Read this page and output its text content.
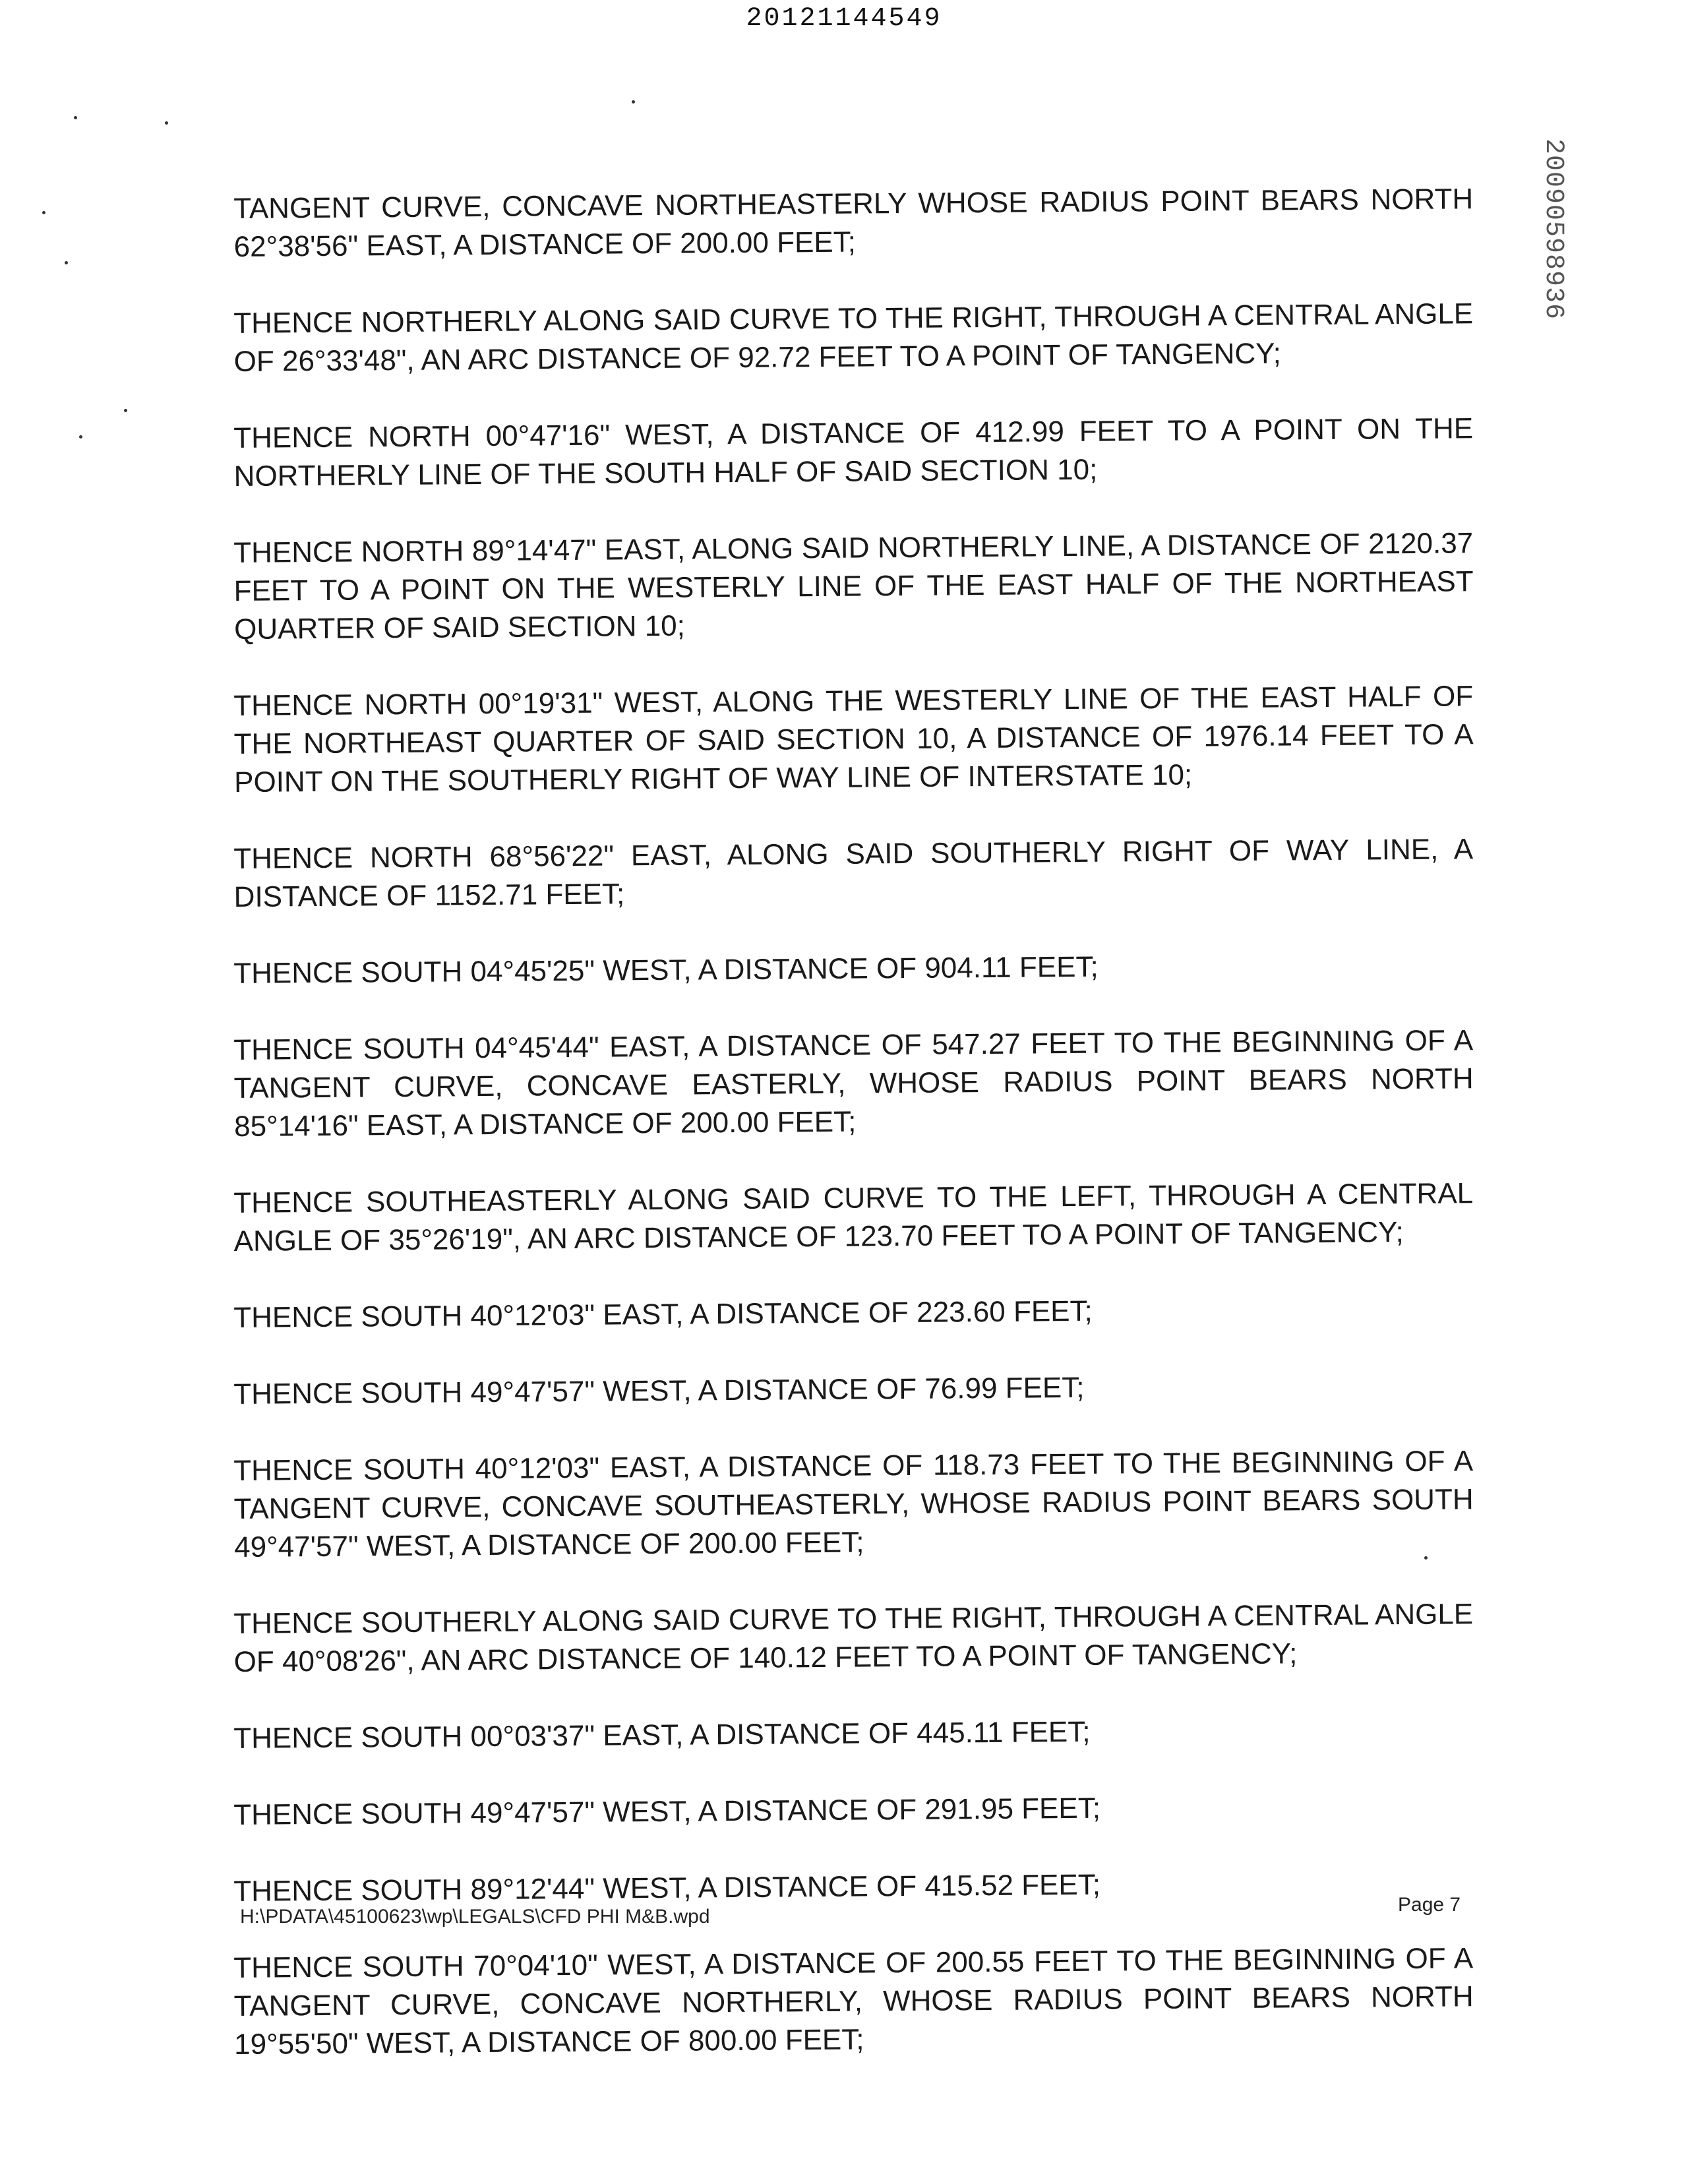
20121144549
20090598936

TANGENT CURVE, CONCAVE NORTHEASTERLY WHOSE RADIUS POINT BEARS NORTH 62°38'56" EAST, A DISTANCE OF 200.00 FEET;

THENCE NORTHERLY ALONG SAID CURVE TO THE RIGHT, THROUGH A CENTRAL ANGLE OF 26°33'48", AN ARC DISTANCE OF 92.72 FEET TO A POINT OF TANGENCY;

THENCE NORTH 00°47'16" WEST, A DISTANCE OF 412.99 FEET TO A POINT ON THE NORTHERLY LINE OF THE SOUTH HALF OF SAID SECTION 10;

THENCE NORTH 89°14'47" EAST, ALONG SAID NORTHERLY LINE, A DISTANCE OF 2120.37 FEET TO A POINT ON THE WESTERLY LINE OF THE EAST HALF OF THE NORTHEAST QUARTER OF SAID SECTION 10;

THENCE NORTH 00°19'31" WEST, ALONG THE WESTERLY LINE OF THE EAST HALF OF THE NORTHEAST QUARTER OF SAID SECTION 10, A DISTANCE OF 1976.14 FEET TO A POINT ON THE SOUTHERLY RIGHT OF WAY LINE OF INTERSTATE 10;

THENCE NORTH 68°56'22" EAST, ALONG SAID SOUTHERLY RIGHT OF WAY LINE, A DISTANCE OF 1152.71 FEET;

THENCE SOUTH 04°45'25" WEST, A DISTANCE OF 904.11 FEET;

THENCE SOUTH 04°45'44" EAST, A DISTANCE OF 547.27 FEET TO THE BEGINNING OF A TANGENT CURVE, CONCAVE EASTERLY, WHOSE RADIUS POINT BEARS NORTH 85°14'16" EAST, A DISTANCE OF 200.00 FEET;

THENCE SOUTHEASTERLY ALONG SAID CURVE TO THE LEFT, THROUGH A CENTRAL ANGLE OF 35°26'19", AN ARC DISTANCE OF 123.70 FEET TO A POINT OF TANGENCY;

THENCE SOUTH 40°12'03" EAST, A DISTANCE OF 223.60 FEET;

THENCE SOUTH 49°47'57" WEST, A DISTANCE OF 76.99 FEET;

THENCE SOUTH 40°12'03" EAST, A DISTANCE OF 118.73 FEET TO THE BEGINNING OF A TANGENT CURVE, CONCAVE SOUTHEASTERLY, WHOSE RADIUS POINT BEARS SOUTH 49°47'57" WEST, A DISTANCE OF 200.00 FEET;

THENCE SOUTHERLY ALONG SAID CURVE TO THE RIGHT, THROUGH A CENTRAL ANGLE OF 40°08'26", AN ARC DISTANCE OF 140.12 FEET TO A POINT OF TANGENCY;

THENCE SOUTH 00°03'37" EAST, A DISTANCE OF 445.11 FEET;

THENCE SOUTH 49°47'57" WEST, A DISTANCE OF 291.95 FEET;

THENCE SOUTH 89°12'44" WEST, A DISTANCE OF 415.52 FEET;

THENCE SOUTH 70°04'10" WEST, A DISTANCE OF 200.55 FEET TO THE BEGINNING OF A TANGENT CURVE, CONCAVE NORTHERLY, WHOSE RADIUS POINT BEARS NORTH 19°55'50" WEST, A DISTANCE OF 800.00 FEET;

H:\PDATA\45100623\wp\LEGALS\CFD PHI M&B.wpd
Page 7
